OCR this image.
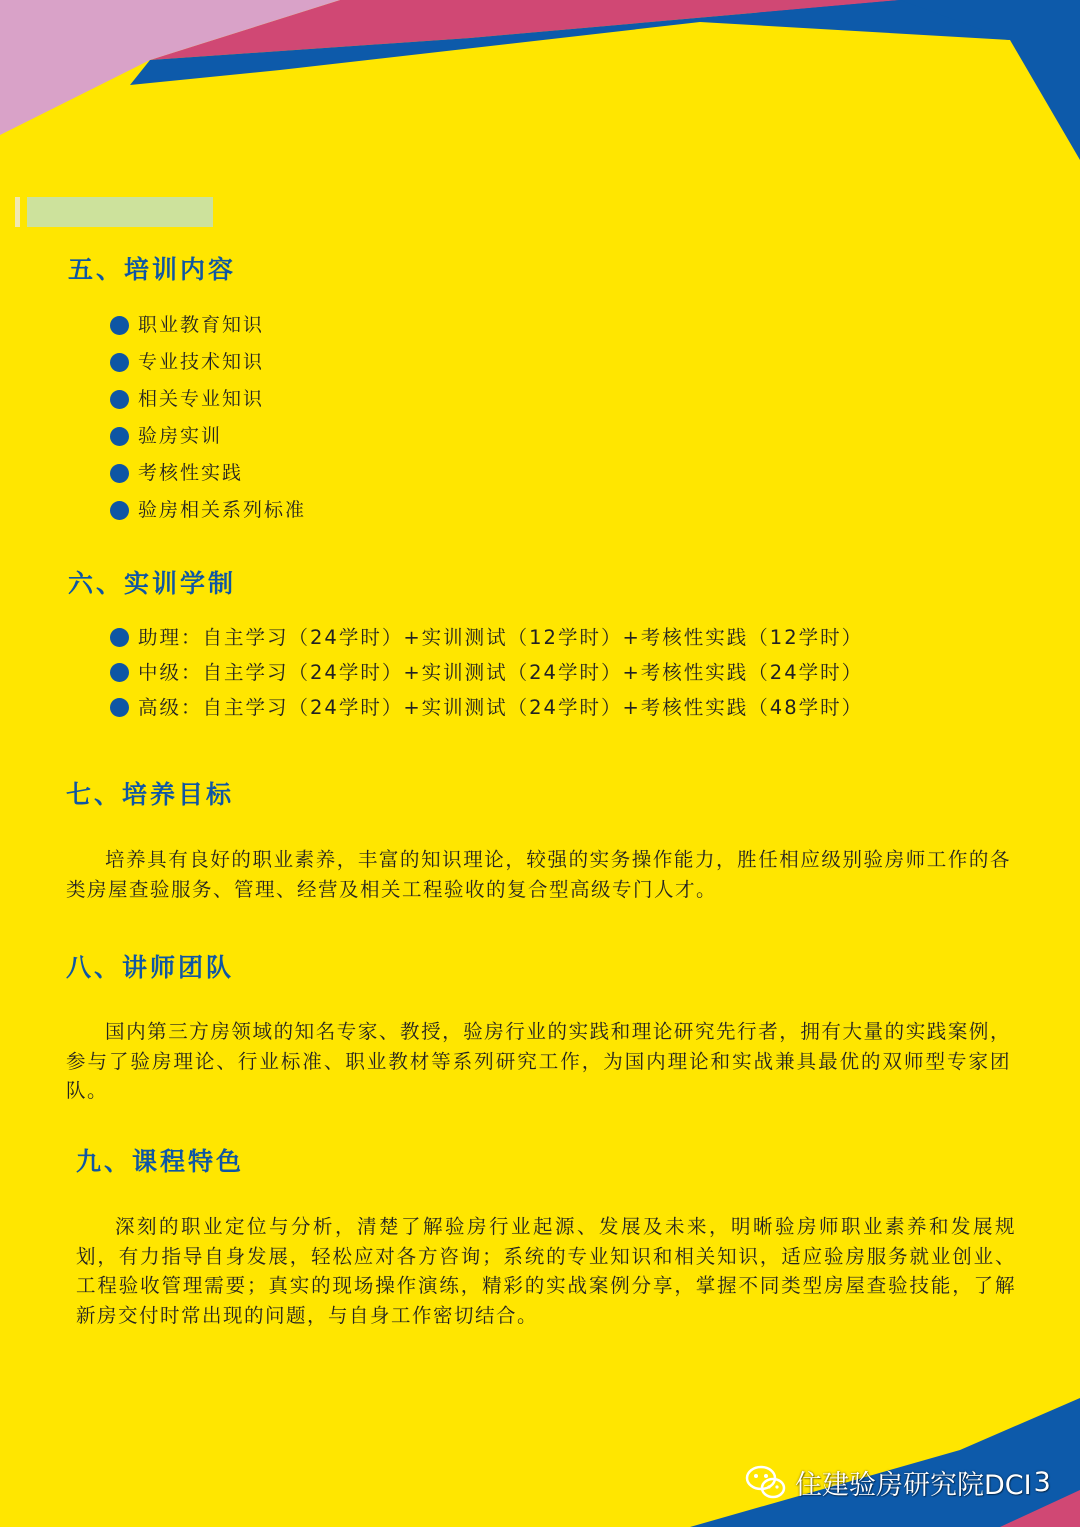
五、培训内容
职业教育知识
专业技术知识
相关专业知识
验房实训
考核性实践
验房相关系列标准
六、实训学制
助理：自主学习（24学时）+实训测试（12学时）+考核性实践（12学时）
中级：自主学习（24学时）+实训测试（24学时）+考核性实践（24学时）
高级：自主学习（24学时）+实训测试（24学时）+考核性实践（48学时）
七、培养目标

培养具有良好的职业素养，丰富的知识理论，较强的实务操作能力，胜任相应级别验房师工作的各类房屋查验服务、管理、经营及相关工程验收的复合型高级专门人才。

八、讲师团队

国内第三方房领域的知名专家、教授，验房行业的实践和理论研究先行者，拥有大量的实践案例，参与了验房理论、行业标准、职业教材等系列研究工作，为国内理论和实战兼具最优的双师型专家团队。

九、课程特色

深刻的职业定位与分析，清楚了解验房行业起源、发展及未来，明晰验房师职业素养和发展规划，有力指导自身发展，轻松应对各方咨询；系统的专业知识和相关知识，适应验房服务就业创业、工程验收管理需要；真实的现场操作演练，精彩的实战案例分享，掌握不同类型房屋查验技能，了解新房交付时常出现的问题，与自身工作密切结合。

住建验房研究院DCI 3
